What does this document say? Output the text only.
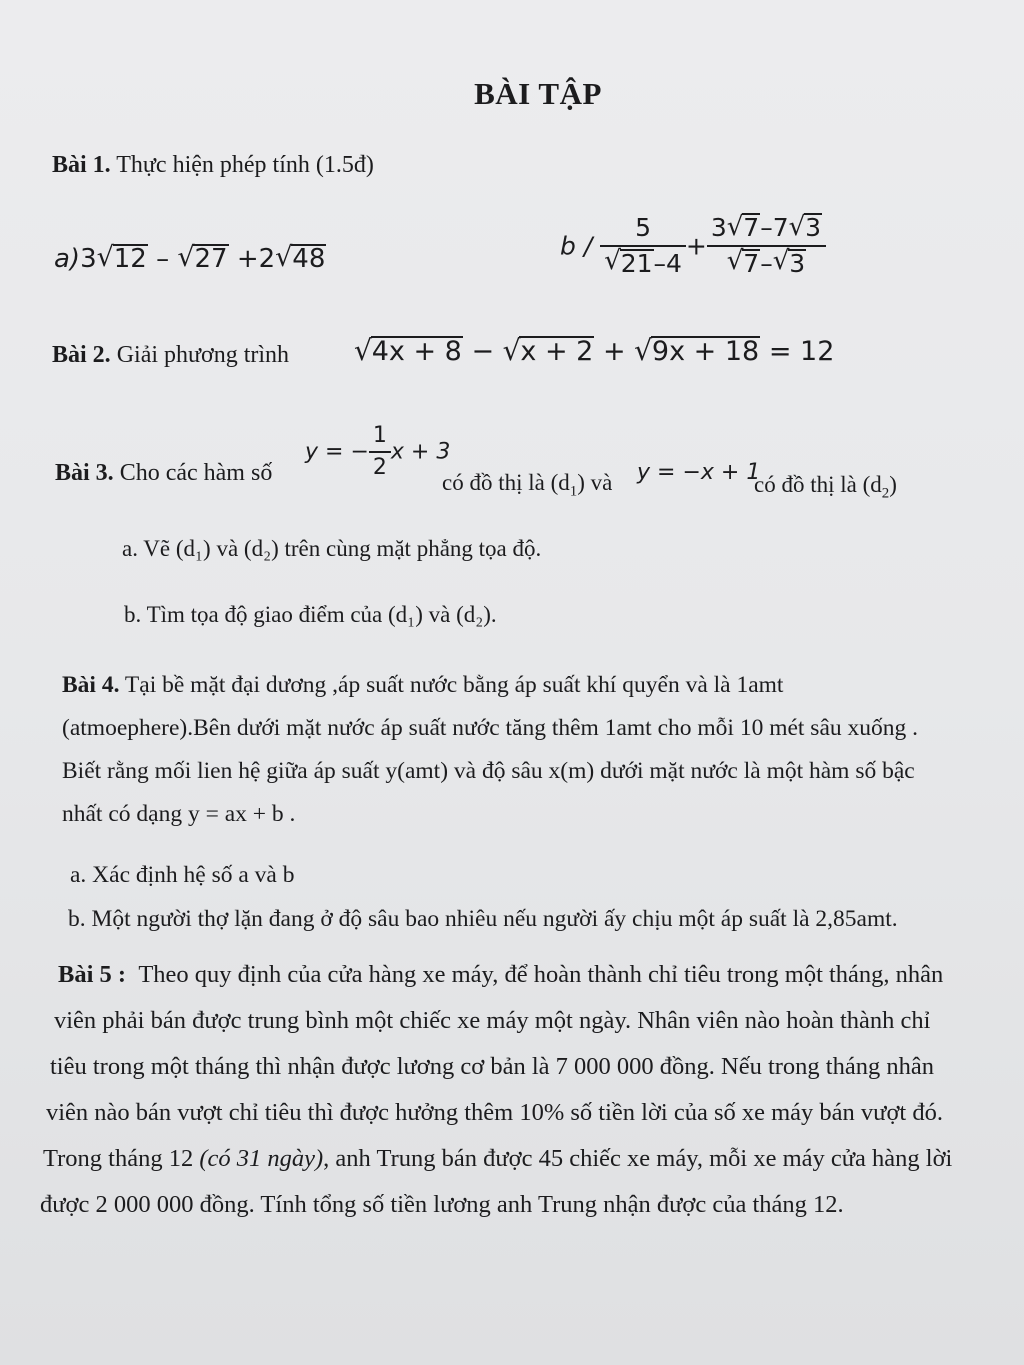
BÀI TẬP
Bài 1. Thực hiện phép tính (1.5đ)
a)3 √ 12 – √ 27 +2 √ 48	b / 5
√ 21–4 + 3 √ 7–7 √ 3
√ 7– √ 3
Bài 2. Giải phương trình	√ 4x + 8 − √ x + 2 + √ 9x + 18 = 12
Bài 3. Cho các hàm số
y = − $\frac{1}{2}$ x + 3
có đồ thị là $(d_1)$ và y = −x + 1
có đồ thị là $(d_2)$
a. Vẽ (d₁) và (d₂) trên cùng mặt phẳng tọa độ.
b. Tìm tọa độ giao điểm của (d₁) và (d₂).
Bài 4. Tại bề mặt đại dương ,áp suất nước bằng áp suất khí quyển và là 1amt
(atmoephere).Bên dưới mặt nước áp suất nước tăng thêm 1amt cho mỗi 10 mét sâu xuống .
Biết rằng mối lien hệ giữa áp suất y(amt) và độ sâu x(m) dưới mặt nước là một hàm số bậc
nhất có dạng y = ax + b .
a. Xác định hệ số a và b
b. Một người thợ lặn đang ở độ sâu bao nhiêu nếu người ấy chịu một áp suất là 2,85amt.
Bài 5 : Theo quy định của cửa hàng xe máy, để hoàn thành chỉ tiêu trong một tháng, nhân
viên phải bán được trung bình một chiếc xe máy một ngày. Nhân viên nào hoàn thành chỉ
tiêu trong một tháng thì nhận được lương cơ bản là 7 000 000 đồng. Nếu trong tháng nhân
viên nào bán vượt chỉ tiêu thì được hưởng thêm 10% số tiền lời của số xe máy bán vượt đó.
Trong tháng 12 (có 31 ngày), anh Trung bán được 45 chiếc xe máy, mỗi xe máy cửa hàng lời
được 2 000 000 đồng. Tính tổng số tiền lương anh Trung nhận được của tháng 12.
